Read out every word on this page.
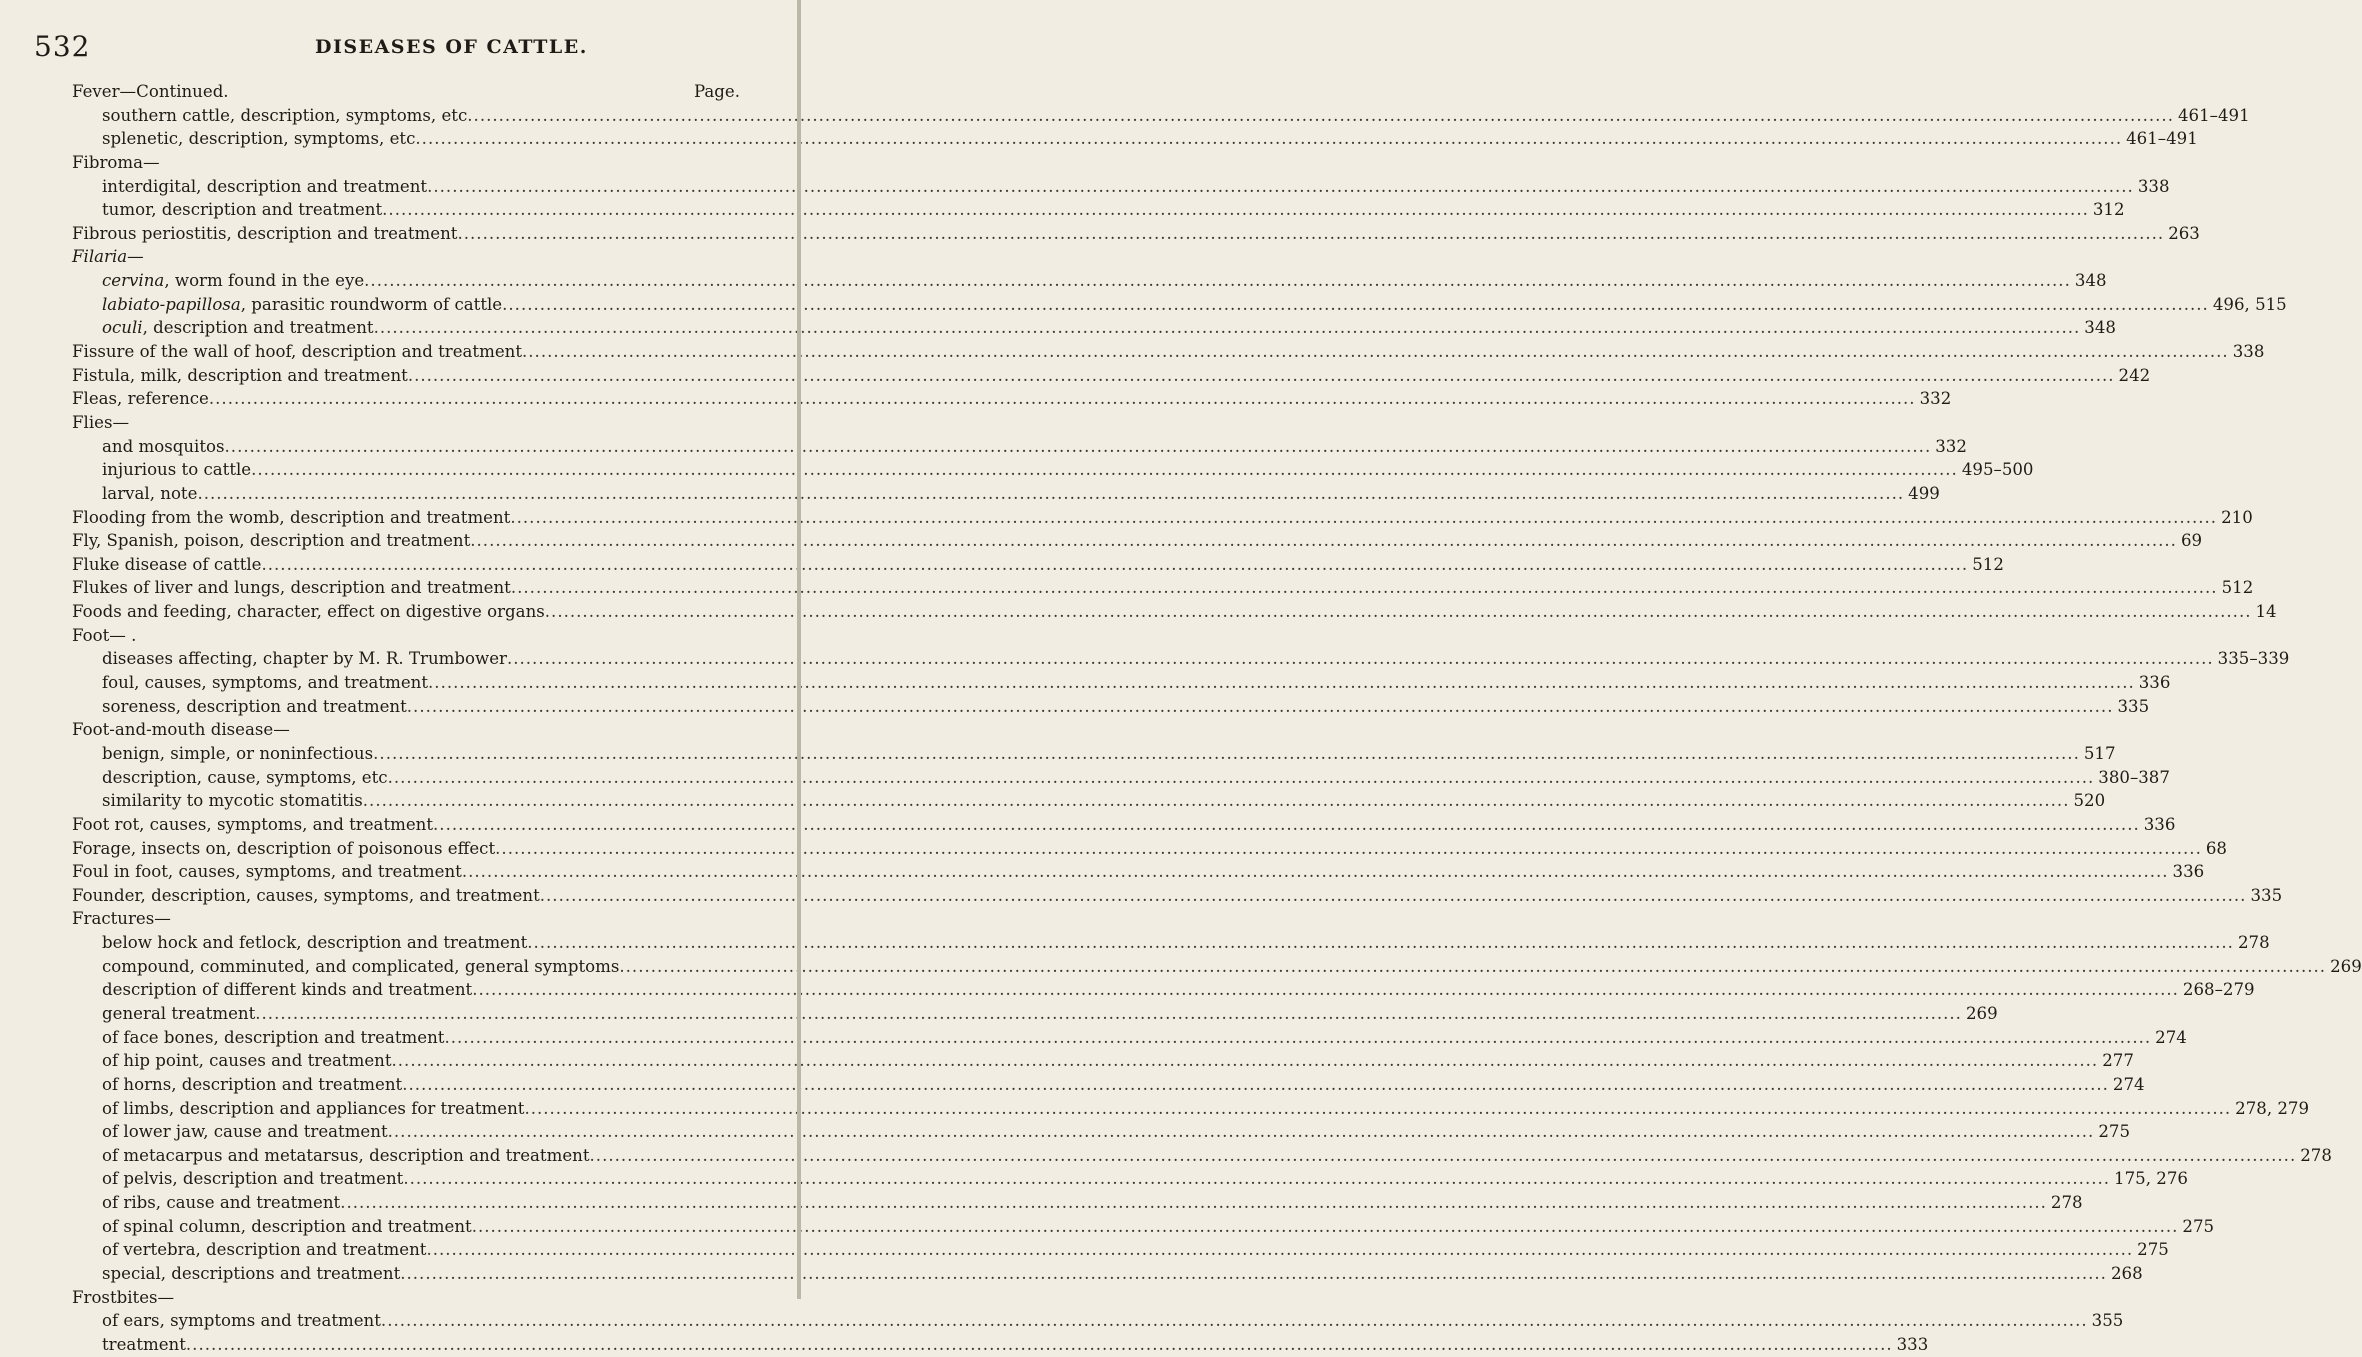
532	DISEASES OF CATTLE.
Fever—Continued.	Page.
southern cattle, description, symptoms, etc .....	461–491
splenetic, description, symptoms, etc .....	461–491
Fibroma—
interdigital, description and treatment .....	338
tumor, description and treatment .....	312
Fibrous periostitis, description and treatment .....	263
Filaria—
cervina, worm found in the eye .....	348
labiato-papillosa, parasitic roundworm of cattle .....	496, 515
oculi, description and treatment .....	348
Fissure of the wall of hoof, description and treatment .....	338
Fistula, milk, description and treatment .....	242
Fleas, reference .....	332
Flies—
and mosquitos .....	332
injurious to cattle .....	495–500
larval, note .....	499
Flooding from the womb, description and treatment .....	210
Fly, Spanish, poison, description and treatment .....	69
Fluke disease of cattle .....	512
Flukes of liver and lungs, description and treatment .....	512
Foods and feeding, character, effect on digestive organs .....	14
Foot— .
diseases affecting, chapter by M. R. Trumbower .....	335–339
foul, causes, symptoms, and treatment .....	336
soreness, description and treatment .....	335
Foot-and-mouth disease—
benign, simple, or noninfectious .....	517
description, cause, symptoms, etc .....	380–387
similarity to mycotic stomatitis .....	520
Foot rot, causes, symptoms, and treatment .....	336
Forage, insects on, description of poisonous effect .....	68
Foul in foot, causes, symptoms, and treatment .....	336
Founder, description, causes, symptoms, and treatment .....	335
Fractures—
below hock and fetlock, description and treatment .....	278
compound, comminuted, and complicated, general symptoms .....	269
description of different kinds and treatment .....	268–279
general treatment .....	269
of face bones, description and treatment .....	274
of hip point, causes and treatment .....	277
of horns, description and treatment .....	274
of limbs, description and appliances for treatment .....	278, 279
of lower jaw, cause and treatment .....	275
of metacarpus and metatarsus, description and treatment .....	278
of pelvis, description and treatment .....	175, 276
of ribs, cause and treatment .....	278
of spinal column, description and treatment .....	275
of vertebra, description and treatment .....	275
special, descriptions and treatment .....	268
Frostbites—
of ears, symptoms and treatment .....	355
treatment .....	333
